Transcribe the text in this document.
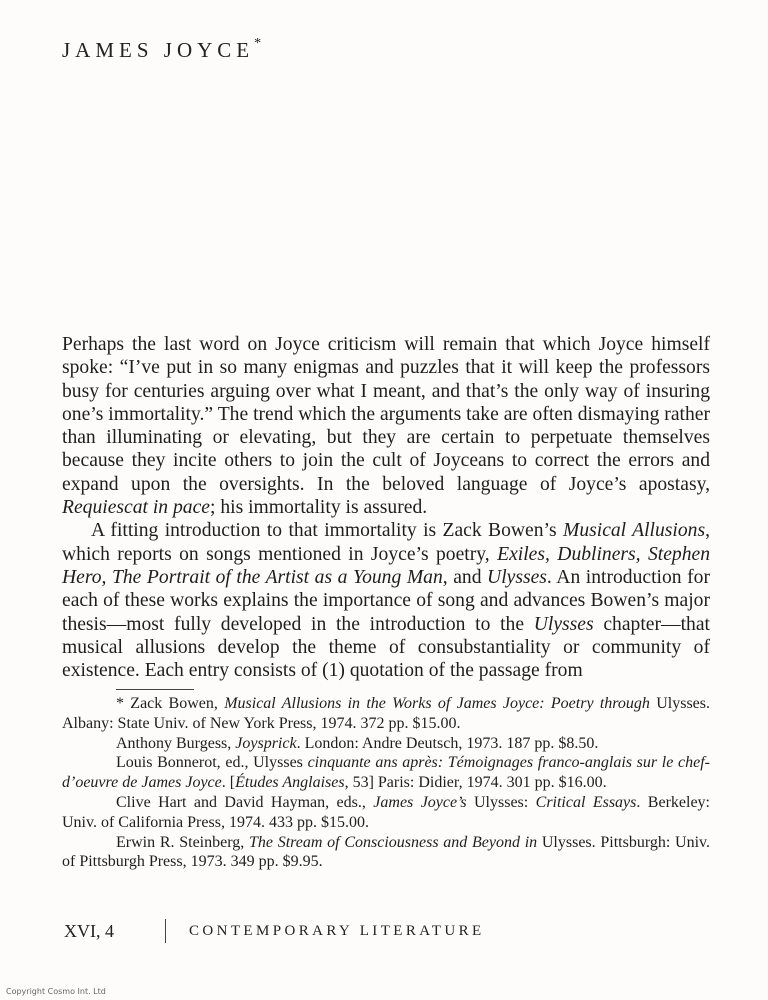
JAMES JOYCE*

Perhaps the last word on Joyce criticism will remain that which Joyce himself spoke: “I’ve put in so many enigmas and puzzles that it will keep the professors busy for centuries arguing over what I meant, and that’s the only way of insuring one’s immortality.” The trend which the arguments take are often dismaying rather than illuminating or elevating, but they are certain to perpetuate themselves because they incite others to join the cult of Joyceans to correct the errors and expand upon the oversights. In the beloved language of Joyce’s apostasy, Requiescat in pace; his immortality is assured.

A fitting introduction to that immortality is Zack Bowen’s Musical Allusions, which reports on songs mentioned in Joyce’s poetry, Exiles, Dubliners, Stephen Hero, The Portrait of the Artist as a Young Man, and Ulysses. An introduction for each of these works explains the importance of song and advances Bowen’s major thesis—most fully developed in the introduction to the Ulysses chapter—that musical allusions develop the theme of consubstantiality or community of existence. Each entry consists of (1) quotation of the passage from

* Zack Bowen, Musical Allusions in the Works of James Joyce: Poetry through Ulysses. Albany: State Univ. of New York Press, 1974. 372 pp. $15.00.

Anthony Burgess, Joysprick. London: Andre Deutsch, 1973. 187 pp. $8.50.

Louis Bonnerot, ed., Ulysses cinquante ans après: Témoignages franco-anglais sur le chef-d’oeuvre de James Joyce. [Études Anglaises, 53] Paris: Didier, 1974. 301 pp. $16.00.

Clive Hart and David Hayman, eds., James Joyce’s Ulysses: Critical Essays. Berkeley: Univ. of California Press, 1974. 433 pp. $15.00.

Erwin R. Steinberg, The Stream of Consciousness and Beyond in Ulysses. Pittsburgh: Univ. of Pittsburgh Press, 1973. 349 pp. $9.95.

XVI, 4	CONTEMPORARY LITERATURE
Copyright Cosmo Int. Ltd
